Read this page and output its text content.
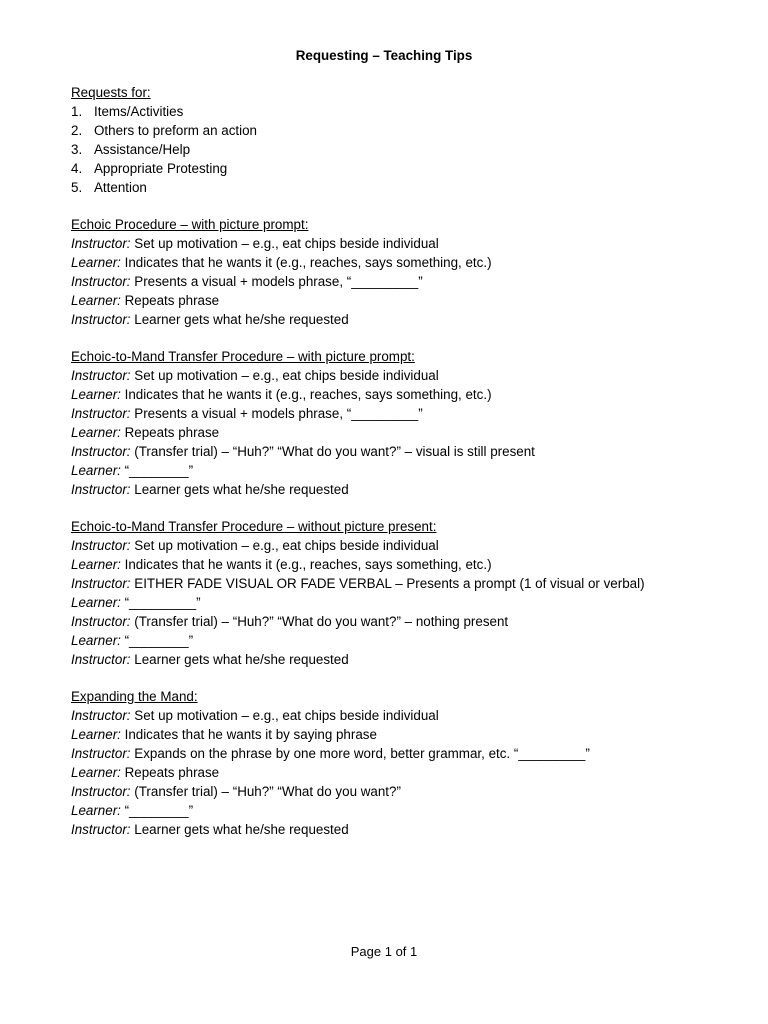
Requesting – Teaching Tips
Requests for:
1. Items/Activities
2. Others to preform an action
3. Assistance/Help
4. Appropriate Protesting
5. Attention
Echoic Procedure – with picture prompt:
Instructor: Set up motivation – e.g., eat chips beside individual
Learner: Indicates that he wants it (e.g., reaches, says something, etc.)
Instructor: Presents a visual + models phrase, “_________”
Learner: Repeats phrase
Instructor: Learner gets what he/she requested
Echoic-to-Mand Transfer Procedure – with picture prompt:
Instructor: Set up motivation – e.g., eat chips beside individual
Learner: Indicates that he wants it (e.g., reaches, says something, etc.)
Instructor: Presents a visual + models phrase, “_________”
Learner: Repeats phrase
Instructor: (Transfer trial) – “Huh?” “What do you want?” – visual is still present
Learner: “________”
Instructor: Learner gets what he/she requested
Echoic-to-Mand Transfer Procedure – without picture present:
Instructor: Set up motivation – e.g., eat chips beside individual
Learner: Indicates that he wants it (e.g., reaches, says something, etc.)
Instructor: EITHER FADE VISUAL OR FADE VERBAL – Presents a prompt (1 of visual or verbal)
Learner: “_________”
Instructor: (Transfer trial) – “Huh?” “What do you want?” – nothing present
Learner: “________”
Instructor: Learner gets what he/she requested
Expanding the Mand:
Instructor: Set up motivation – e.g., eat chips beside individual
Learner: Indicates that he wants it by saying phrase
Instructor: Expands on the phrase by one more word, better grammar, etc. “_________”
Learner: Repeats phrase
Instructor: (Transfer trial) – “Huh?” “What do you want?”
Learner: “________”
Instructor: Learner gets what he/she requested
Page 1 of 1
